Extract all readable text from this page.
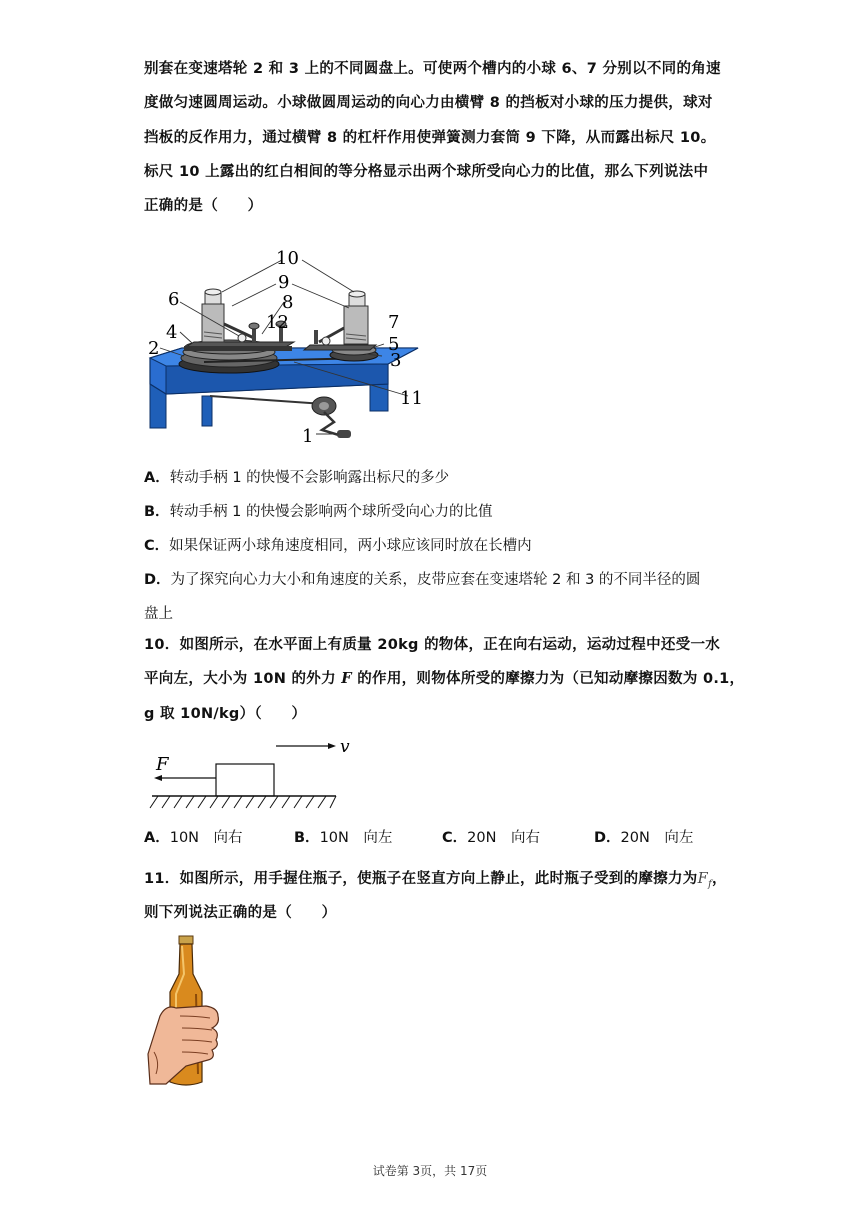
别套在变速塔轮 2 和 3 上的不同圆盘上。可使两个槽内的小球 6、7 分别以不同的角速
度做匀速圆周运动。小球做圆周运动的向心力由横臂 8 的挡板对小球的压力提供，球对
挡板的反作用力，通过横臂 8 的杠杆作用使弹簧测力套筒 9 下降，从而露出标尺 10。
标尺 10 上露出的红白相间的等分格显示出两个球所受向心力的比值，那么下列说法中
正确的是（　　）
10
9
6	8
12	7
4
2	5
3
11
1
A．转动手柄 1 的快慢不会影响露出标尺的多少
B．转动手柄 1 的快慢会影响两个球所受向心力的比值
C．如果保证两小球角速度相同，两小球应该同时放在长槽内
D．为了探究向心力大小和角速度的关系，皮带应套在变速塔轮 2 和 3 的不同半径的圆
盘上
10．如图所示，在水平面上有质量 20kg 的物体，正在向右运动，运动过程中还受一水
平向左，大小为 10N 的外力 F 的作用，则物体所受的摩擦力为（已知动摩擦因数为 0.1，
g 取 10N/kg）（　　）
v
F
A．10N　向右	B．10N　向左	C．20N　向右	D．20N　向左
11．如图所示，用手握住瓶子，使瓶子在竖直方向上静止，此时瓶子受到的摩擦力为$F_f$，
则下列说法正确的是（　　）
试卷第 3页，共 17页
